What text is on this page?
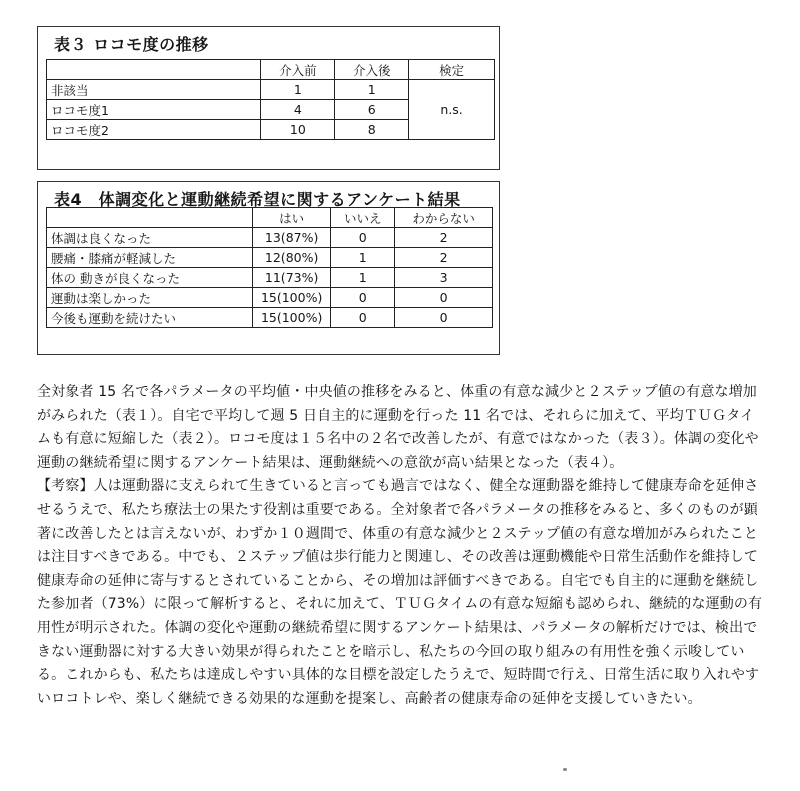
表３ ロコモ度の推移
	介入前	介入後	検定
非該当	1	1	n.s.
ロコモ度1	4	6	
ロコモ度2	10	8	
表4　体調変化と運動継続希望に関するアンケート結果
	はい	いいえ	わからない
体調は良くなった	13(87%)	0	2
腰痛・膝痛が軽減した	12(80%)	1	2
体の 動きが良くなった	11(73%)	1	3
運動は楽しかった	15(100%)	0	0
今後も運動を続けたい	15(100%)	0	0

全対象者 15 名で各パラメータの平均値・中央値の推移をみると、体重の有意な減少と２ステップ値の有意な増加がみられた（表１）。自宅で平均して週 5 日自主的に運動を行った 11 名では、それらに加えて、平均ＴＵＧタイムも有意に短縮した（表２）。ロコモ度は１５名中の２名で改善したが、有意ではなかった（表３）。体調の変化や運動の継続希望に関するアンケート結果は、運動継続への意欲が高い結果となった（表４）。

【考察】人は運動器に支えられて生きていると言っても過言ではなく、健全な運動器を維持して健康寿命を延伸させるうえで、私たち療法士の果たす役割は重要である。全対象者で各パラメータの推移をみると、多くのものが顕著に改善したとは言えないが、わずか１０週間で、体重の有意な減少と２ステップ値の有意な増加がみられたことは注目すべきである。中でも、２ステップ値は歩行能力と関連し、その改善は運動機能や日常生活動作を維持して健康寿命の延伸に寄与するとされていることから、その増加は評価すべきである。自宅でも自主的に運動を継続した参加者（73%）に限って解析すると、それに加えて、ＴＵＧタイムの有意な短縮も認められ、継続的な運動の有用性が明示された。体調の変化や運動の継続希望に関するアンケート結果は、パラメータの解析だけでは、検出できない運動器に対する大きい効果が得られたことを暗示し、私たちの今回の取り組みの有用性を強く示唆している。これからも、私たちは達成しやすい具体的な目標を設定したうえで、短時間で行え、日常生活に取り入れやすいロコトレや、楽しく継続できる効果的な運動を提案し、高齢者の健康寿命の延伸を支援していきたい。
